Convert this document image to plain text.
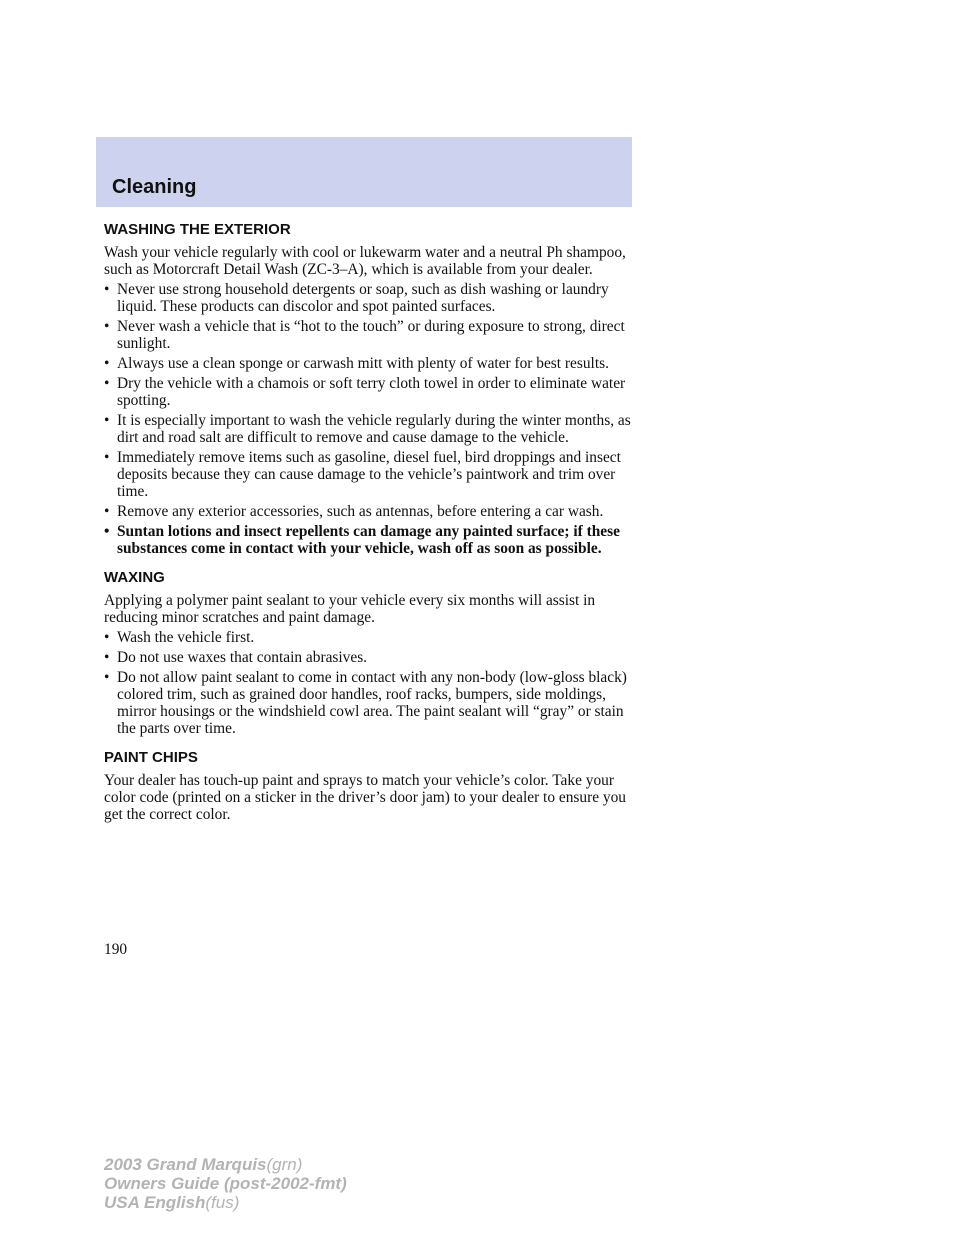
Cleaning
WASHING THE EXTERIOR

Wash your vehicle regularly with cool or lukewarm water and a neutral Ph shampoo, such as Motorcraft Detail Wash (ZC-3–A), which is available from your dealer.

• Never use strong household detergents or soap, such as dish washing or laundry liquid. These products can discolor and spot painted surfaces.
• Never wash a vehicle that is “hot to the touch” or during exposure to strong, direct sunlight.
• Always use a clean sponge or carwash mitt with plenty of water for best results.
• Dry the vehicle with a chamois or soft terry cloth towel in order to eliminate water spotting.
• It is especially important to wash the vehicle regularly during the winter months, as dirt and road salt are difficult to remove and cause damage to the vehicle.
• Immediately remove items such as gasoline, diesel fuel, bird droppings and insect deposits because they can cause damage to the vehicle’s paintwork and trim over time.
• Remove any exterior accessories, such as antennas, before entering a car wash.
• Suntan lotions and insect repellents can damage any painted surface; if these substances come in contact with your vehicle, wash off as soon as possible.
WAXING

Applying a polymer paint sealant to your vehicle every six months will assist in reducing minor scratches and paint damage.

• Wash the vehicle first.
• Do not use waxes that contain abrasives.
• Do not allow paint sealant to come in contact with any non-body (low-gloss black) colored trim, such as grained door handles, roof racks, bumpers, side moldings, mirror housings or the windshield cowl area. The paint sealant will “gray” or stain the parts over time.
PAINT CHIPS

Your dealer has touch-up paint and sprays to match your vehicle’s color. Take your color code (printed on a sticker in the driver’s door jam) to your dealer to ensure you get the correct color.

190
2003 Grand Marquis(grn)
Owners Guide (post-2002-fmt)
USA English(fus)
